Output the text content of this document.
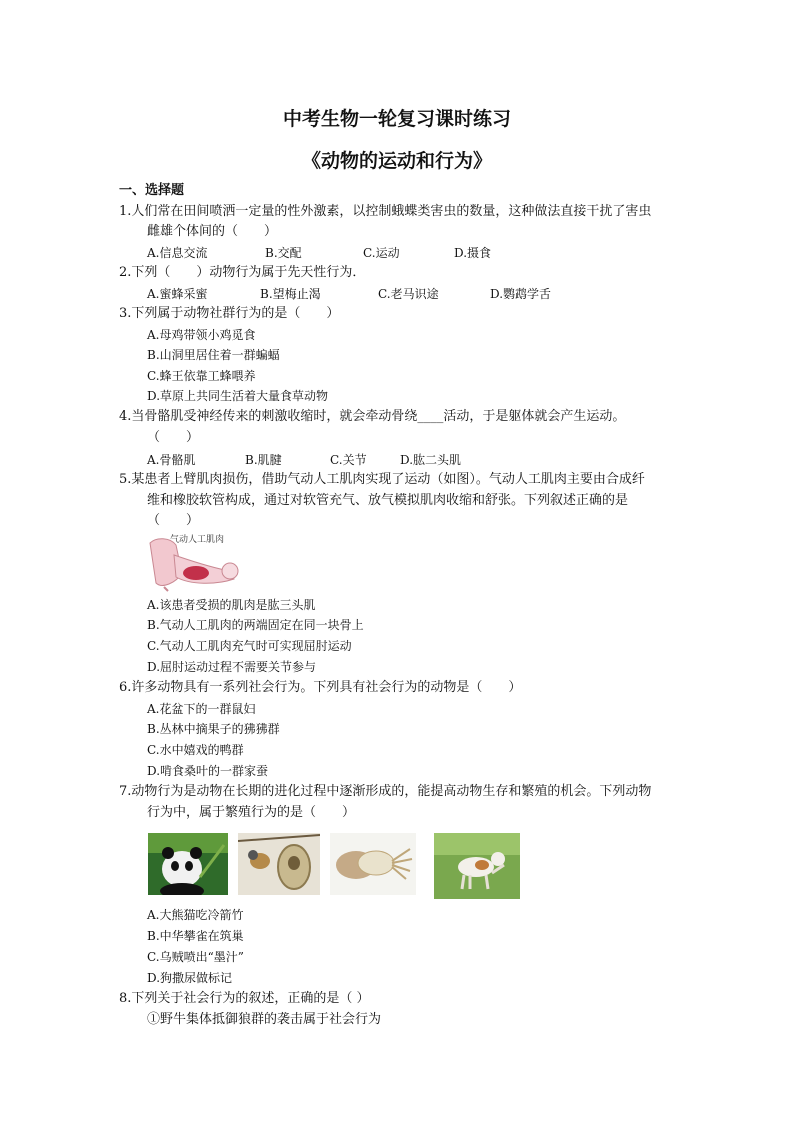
中考生物一轮复习课时练习
《动物的运动和行为》
一、选择题
1.人们常在田间喷洒一定量的性外激素，以控制蛾蝶类害虫的数量，这种做法直接干扰了害虫
雌雄个体间的（　　）
A.信息交流	B.交配	C.运动	D.摄食
2.下列（　　）动物行为属于先天性行为．
A.蜜蜂采蜜	B.望梅止渴	C.老马识途	D.鹦鹉学舌
3.下列属于动物社群行为的是（　　）
A.母鸡带领小鸡觅食
B.山洞里居住着一群蝙蝠
C.蜂王依靠工蜂喂养
D.草原上共同生活着大量食草动物
4.当骨骼肌受神经传来的刺激收缩时，就会牵动骨绕____活动，于是躯体就会产生运动。
（　　）
A.骨骼肌	B.肌腱	C.关节	D.肱二头肌
5.某患者上臂肌肉损伤，借助气动人工肌肉实现了运动（如图）。气动人工肌肉主要由合成纤
维和橡胶软管构成，通过对软管充气、放气模拟肌肉收缩和舒张。下列叙述正确的是
（　　）
气动人工肌肉
A.该患者受损的肌肉是肱三头肌
B.气动人工肌肉的两端固定在同一块骨上
C.气动人工肌肉充气时可实现屈肘运动
D.屈肘运动过程不需要关节参与
6.许多动物具有一系列社会行为。下列具有社会行为的动物是（　　）
A.花盆下的一群鼠妇
B.丛林中摘果子的狒狒群
C.水中嬉戏的鸭群
D.啃食桑叶的一群家蚕
7.动物行为是动物在长期的进化过程中逐渐形成的，能提高动物生存和繁殖的机会。下列动物
行为中，属于繁殖行为的是（　　）
A.大熊猫吃冷箭竹
B.中华攀雀在筑巢
C.乌贼喷出“墨汁”
D.狗撒尿做标记
8.下列关于社会行为的叙述，正确的是（ ）
①野牛集体抵御狼群的袭击属于社会行为
